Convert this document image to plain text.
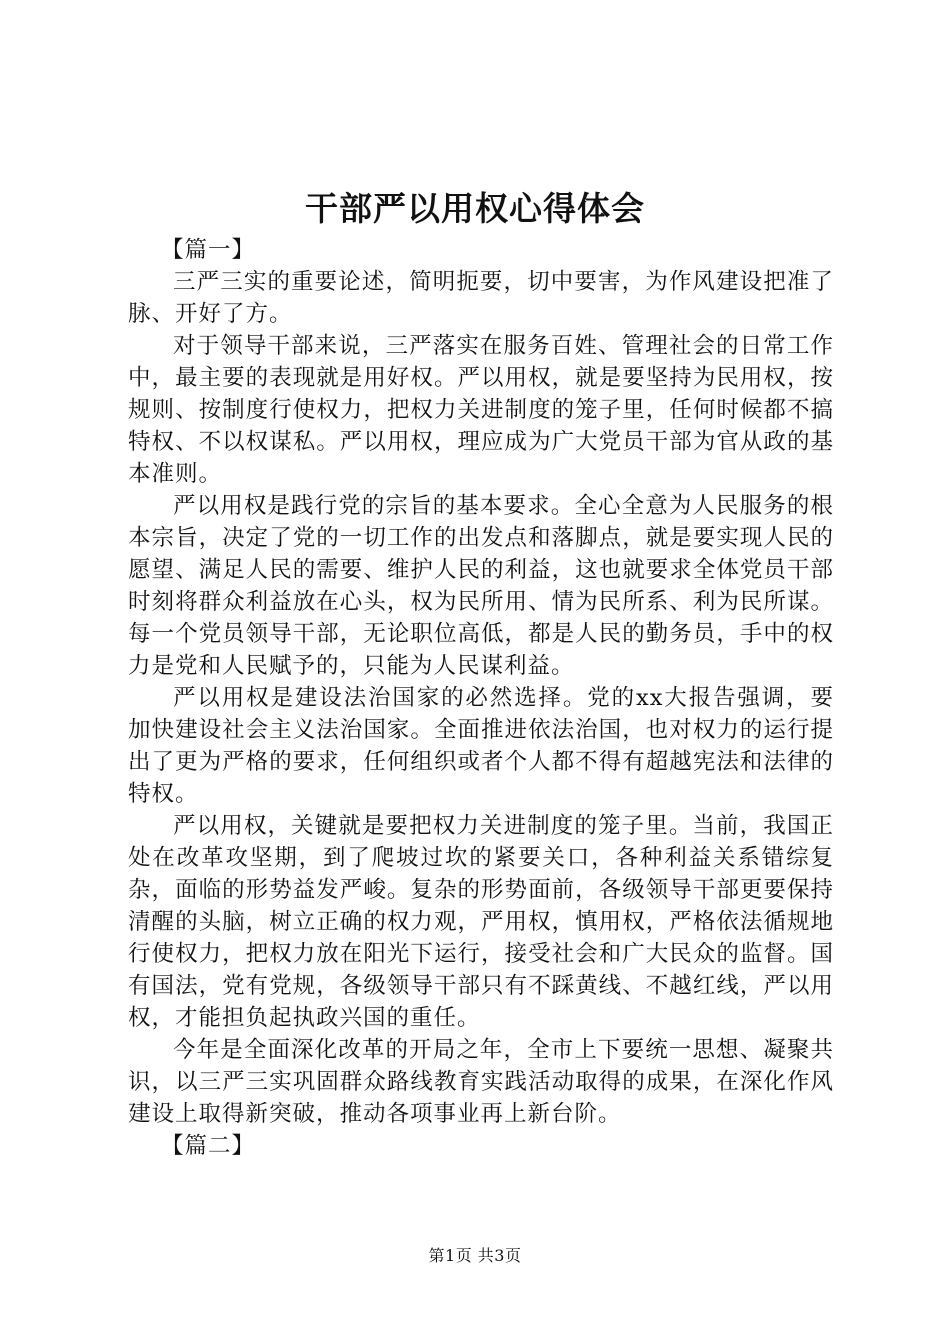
干部严以用权心得体会

【篇一】

三严三实的重要论述，简明扼要，切中要害，为作风建设把准了脉、开好了方。

对于领导干部来说，三严落实在服务百姓、管理社会的日常工作中，最主要的表现就是用好权。严以用权，就是要坚持为民用权，按规则、按制度行使权力，把权力关进制度的笼子里，任何时候都不搞特权、不以权谋私。严以用权，理应成为广大党员干部为官从政的基本准则。

严以用权是践行党的宗旨的基本要求。全心全意为人民服务的根本宗旨，决定了党的一切工作的出发点和落脚点，就是要实现人民的愿望、满足人民的需要、维护人民的利益，这也就要求全体党员干部时刻将群众利益放在心头，权为民所用、情为民所系、利为民所谋。每一个党员领导干部，无论职位高低，都是人民的勤务员，手中的权力是党和人民赋予的，只能为人民谋利益。

严以用权是建设法治国家的必然选择。党的xx大报告强调，要加快建设社会主义法治国家。全面推进依法治国，也对权力的运行提出了更为严格的要求，任何组织或者个人都不得有超越宪法和法律的特权。

严以用权，关键就是要把权力关进制度的笼子里。当前，我国正处在改革攻坚期，到了爬坡过坎的紧要关口，各种利益关系错综复杂，面临的形势益发严峻。复杂的形势面前，各级领导干部更要保持清醒的头脑，树立正确的权力观，严用权，慎用权，严格依法循规地行使权力，把权力放在阳光下运行，接受社会和广大民众的监督。国有国法，党有党规，各级领导干部只有不踩黄线、不越红线，严以用权，才能担负起执政兴国的重任。

今年是全面深化改革的开局之年，全市上下要统一思想、凝聚共识，以三严三实巩固群众路线教育实践活动取得的成果，在深化作风建设上取得新突破，推动各项事业再上新台阶。

【篇二】

第1页 共3页
